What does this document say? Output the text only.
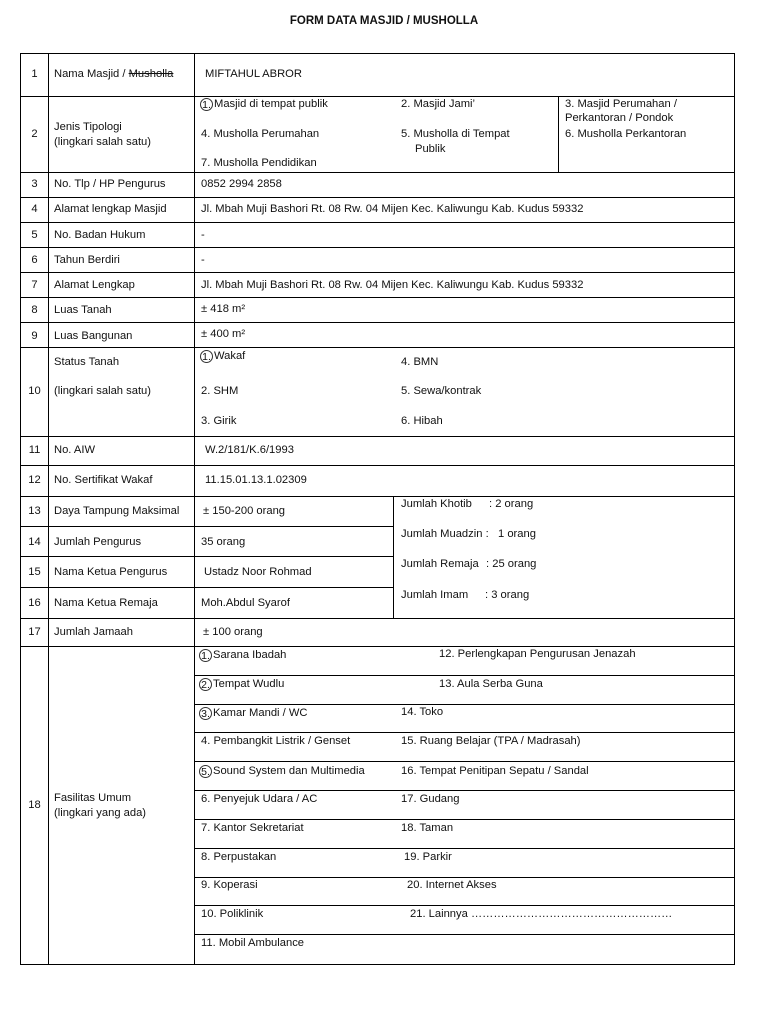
FORM DATA MASJID / MUSHOLLA
1	Nama Masjid / Musholla	MIFTAHUL ABROR
2
Jenis Tipologi
(lingkari salah satu)
1. Masjid di tempat publik	2. Masjid Jami’	3. Masjid Perumahan /
Perkantoran / Pondok
4. Musholla Perumahan	5. Musholla di Tempat
Publik
6. Musholla Perkantoran
7. Musholla Pendidikan
3	No. Tlp / HP Pengurus	0852 2994 2858
4	Alamat lengkap Masjid	Jl. Mbah Muji Bashori Rt. 08 Rw. 04 Mijen Kec. Kaliwungu Kab. Kudus 59332
5	No. Badan Hukum	-
6	Tahun Berdiri	-
7	Alamat Lengkap	Jl. Mbah Muji Bashori Rt. 08 Rw. 04 Mijen Kec. Kaliwungu Kab. Kudus 59332
8	Luas Tanah	± 418 m²
9	Luas Bangunan	± 400 m²
10
Status Tanah
(lingkari salah satu)
1. Wakaf	4. BMN
2. SHM	5. Sewa/kontrak
3. Girik	6. Hibah
11	No. AIW	W.2/181/K.6/1993
12	No. Sertifikat Wakaf	11.15.01.13.1.02309
13	Daya Tampung Maksimal ± 150-200 orang
Jumlah Khotib : 2 orang
14	Jumlah Pengurus	35 orang
Jumlah Muadzin : 1 orang
15	Nama Ketua Pengurus	Ustadz Noor Rohmad
Jumlah Remaja : 25 orang
16	Nama Ketua Remaja	Moh.Abdul Syarof
Jumlah Imam : 3 orang
17	Jumlah Jamaah	± 100 orang
18
Fasilitas Umum
(lingkari yang ada)
1. Sarana Ibadah	12. Perlengkapan Pengurusan Jenazah
2. Tempat Wudlu	13. Aula Serba Guna
3. Kamar Mandi / WC	14. Toko
4. Pembangkit Listrik / Genset	15. Ruang Belajar (TPA / Madrasah)
5. Sound System dan Multimedia	16. Tempat Penitipan Sepatu / Sandal
6. Penyejuk Udara / AC	17. Gudang
7. Kantor Sekretariat	18. Taman
8. Perpustakan	19. Parkir
9. Koperasi	20. Internet Akses
10. Poliklinik	21. Lainnya ………………………………………………
11. Mobil Ambulance
